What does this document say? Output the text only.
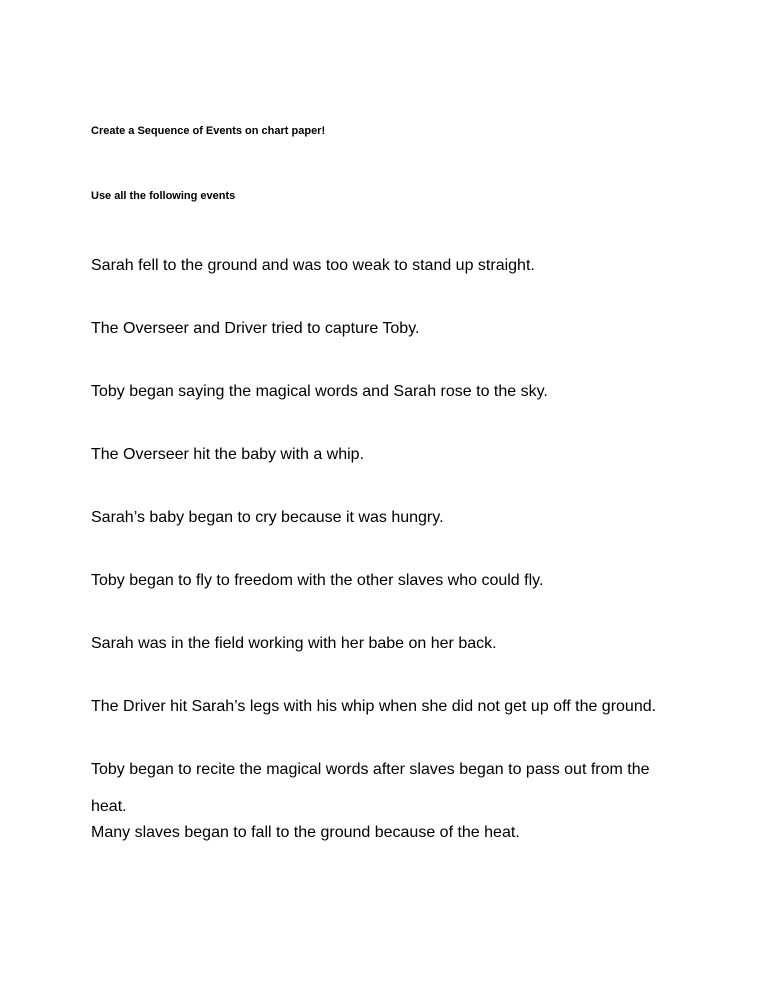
Create a Sequence of Events on chart paper!
Use all the following events
Sarah fell to the ground and was too weak to stand up straight.
The Overseer and Driver tried to capture Toby.
Toby began saying the magical words and Sarah rose to the sky.
The Overseer hit the baby with a whip.
Sarah’s baby began to cry because it was hungry.
Toby began to fly to freedom with the other slaves who could fly.
Sarah was in the field working with her babe on her back.
The Driver hit Sarah’s legs with his whip when she did not get up off the ground.
Toby began to recite the magical words after slaves began to pass out from the heat.
Many slaves began to fall to the ground because of the heat.
